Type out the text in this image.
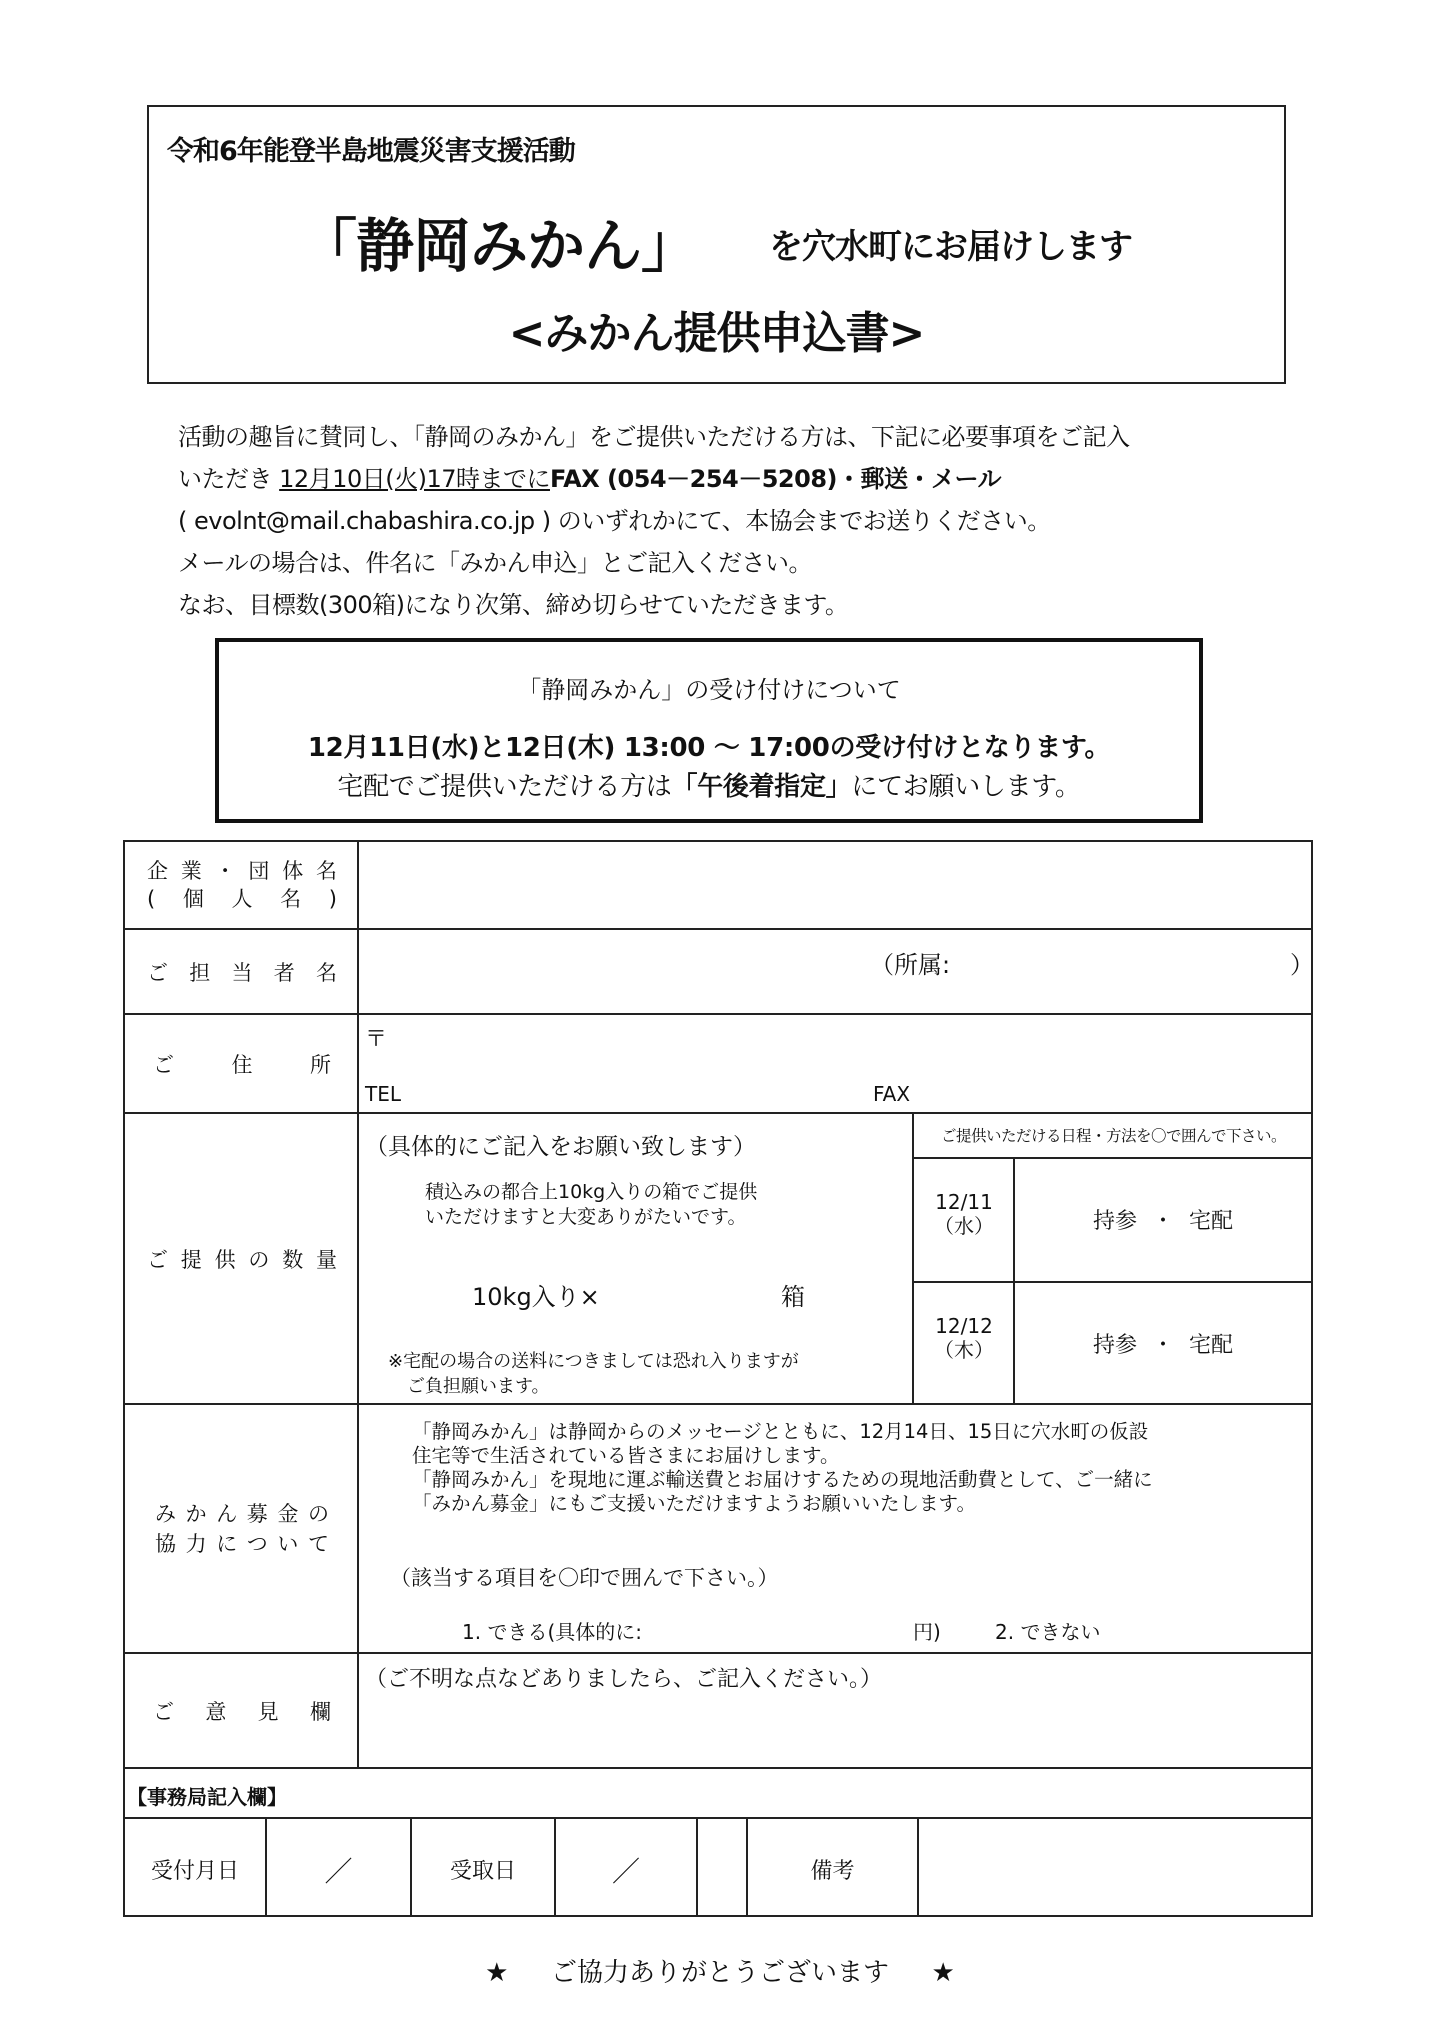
令和6年能登半島地震災害支援活動
「静岡みかん」 を穴水町にお届けします
<みかん提供申込書>
活動の趣旨に賛同し、「静岡のみかん」をご提供いただける方は、下記に必要事項をご記入
いただき 12月10日(火)17時までにFAX (054－254－5208)・郵送・メール
( evolnt@mail.chabashira.co.jp ) のいずれかにて、本協会までお送りください。
メールの場合は、件名に「みかん申込」とご記入ください。
なお、目標数(300箱)になり次第、締め切らせていただきます。
「静岡みかん」の受け付けについて
12月11日(水)と12日(木) 13:00 ～ 17:00の受け付けとなります。
宅配でご提供いただける方は「午後着指定」にてお願いします。
企 業 ・ 団 体 名
( 個 人 名 )
ご 担 当 者 名	（所属:	）
ご	住	所
〒
TEL	FAX
ご 提 供 の 数 量
（具体的にご記入をお願い致します）
積込みの都合上10kg入りの箱でご提供
いただけますと大変ありがたいです。
10kg入り×	箱
※宅配の場合の送料につきましては恐れ入りますが
ご負担願います。
ご提供いただける日程・方法を〇で囲んで下さい。
12/11
（水）	持参 ・ 宅配
12/12
（木）	持参 ・ 宅配
み か ん 募 金 の
協 力 に つ い て
「静岡みかん」は静岡からのメッセージとともに、12月14日、15日に穴水町の仮設
住宅等で生活されている皆さまにお届けします。
「静岡みかん」を現地に運ぶ輸送費とお届けするための現地活動費として、ご一緒に
「みかん募金」にもご支援いただけますようお願いいたします。
（該当する項目を〇印で囲んで下さい。）
1. できる(具体的に:	円)	2. できない
ご 意 見 欄
（ご不明な点などありましたら、ご記入ください。）
【事務局記入欄】
受付月日	／	受取日	／	備考
★ ご協力ありがとうございます ★
